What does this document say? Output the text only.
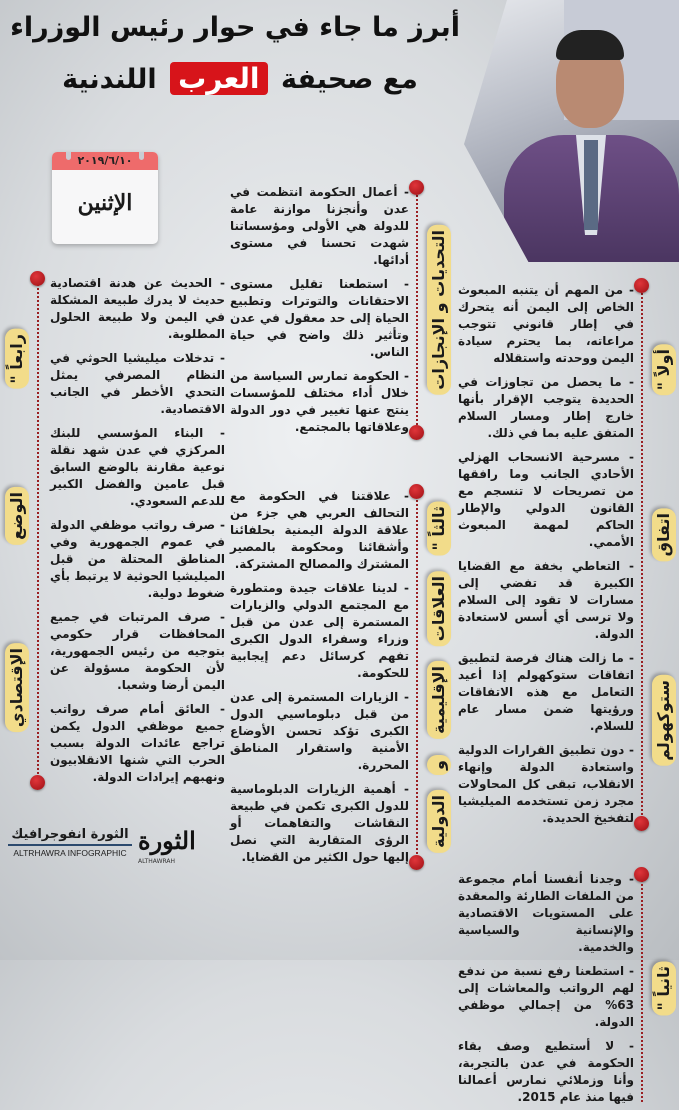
أبرز ما جاء في حوار رئيس الوزراء
مع صحيفة العرب اللندنية
٢٠١٩/٦/١٠
الإثنين

- من المهم أن يتنبه المبعوث الخاص إلى اليمن أنه يتحرك في إطار قانوني تتوجب مراعاته، بما يحترم سيادة اليمن ووحدته واستقلاله

- ما يحصل من تجاوزات في الحديدة يتوجب الإقرار بأنها خارج إطار ومسار السلام المتفق عليه بما في ذلك.

- مسرحية الانسحاب الهزلي الأحادي الجانب وما رافقها من تصريحات لا تنسجم مع القانون الدولي والإطار الحاكم لمهمة المبعوث الأممي.

- التعاطي بخفة مع القضايا الكبيرة قد تفضي إلى مسارات لا تقود إلى السلام ولا ترسى أي أسس لاستعادة الدولة.

- ما زالت هناك فرصة لتطبيق اتفاقات ستوكهولم إذا أعيد التعامل مع هذه الاتفاقات ورؤيتها ضمن مسار عام للسلام.

- دون تطبيق القرارات الدولية واستعادة الدولة وإنهاء الانقلاب، تبقى كل المحاولات مجرد زمن تستخدمه الميليشيا لتفخيخ الحديدة.

أولاً "
اتفاق
ستوكهولم

- وجدنا أنفسنا أمام مجموعة من الملفات الطارئة والمعقدة على المستويات الاقتصادية والإنسانية والسياسية والخدمية.

- استطعنا رفع نسبة من ندفع لهم الرواتب والمعاشات إلى 63% من إجمالي موظفي الدولة.

- لا أستطيع وصف بقاء الحكومة في عدن بالتجربة، وأنا وزملائي نمارس أعمالنا فيها منذ عام 2015.

ثانياً "

- أعمال الحكومة انتظمت في عدن وأنجزنا موازنة عامة للدولة هي الأولى ومؤسساتنا شهدت تحسنا في مستوى أدائها.

- استطعنا تقليل مستوى الاحتقانات والتوترات وتطبيع الحياة إلى حد معقول في عدن وتأثير ذلك واضح في حياة الناس.

- الحكومة تمارس السياسة من خلال أداء مختلف للمؤسسات ينتج عنها تغيير في دور الدولة وعلاقاتها بالمجتمع.

التحديات و الإنجازات

- علاقتنا في الحكومة مع التحالف العربي هي جزء من علاقة الدولة اليمنية بحلفائنا وأشقائنا ومحكومة بالمصير المشترك والمصالح المشتركة.

- لدينا علاقات جيدة ومتطورة مع المجتمع الدولي والزيارات المستمرة إلى عدن من قبل وزراء وسفراء الدول الكبرى تفهم كرسائل دعم إيجابية للحكومة.

- الزيارات المستمرة إلى عدن من قبل دبلوماسيي الدول الكبرى تؤكد تحسن الأوضاع الأمنية واستقرار المناطق المحررة.

- أهمية الزيارات الدبلوماسية للدول الكبرى تكمن في طبيعة النقاشات والتفاهمات أو الرؤى المتقاربة التي نصل إليها حول الكثير من القضايا.

ثالثاً "
العلاقات
الإقليمية
و
الدولية
رابعاً "
الوضع
الإقتصادي

- الحديث عن هدنة اقتصادية حديث لا يدرك طبيعة المشكلة في اليمن ولا طبيعة الحلول المطلوبة.

- تدخلات ميليشيا الحوثي في النظام المصرفي يمثل التحدي الأخطر في الجانب الاقتصادية.

- البناء المؤسسي للبنك المركزي في عدن شهد نقلة نوعية مقارنة بالوضع السابق قبل عامين والفضل الكبير للدعم السعودي.

- صرف رواتب موظفي الدولة في عموم الجمهورية وفي المناطق المحتلة من قبل الميليشيا الحوثية لا يرتبط بأي ضغوط دولية.

- صرف المرتبات في جميع المحافظات قرار حكومي بتوجيه من رئيس الجمهورية، لأن الحكومة مسؤولة عن اليمن أرضا وشعبا.

- العائق أمام صرف رواتب جميع موظفي الدول يكمن تراجع عائدات الدولة بسبب الحرب التي شنها الانقلابيون ونهبهم إيرادات الدولة.

الثورة
ALTHAWRAH
الثورة انفوجرافيك
ALTRHAWRA INFOGRAPHIC
